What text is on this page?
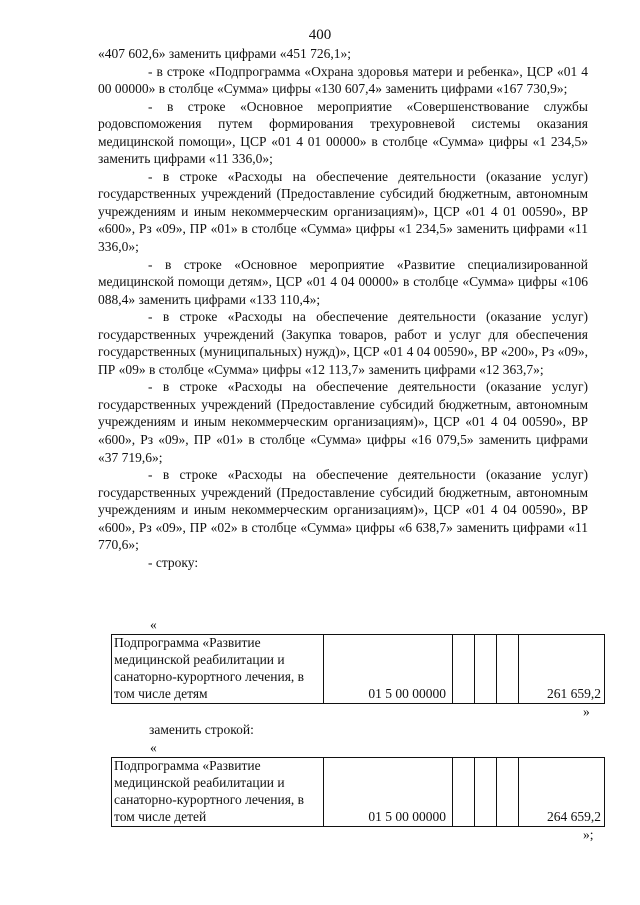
400

«407 602,6» заменить цифрами «451 726,1»;

- в строке «Подпрограмма «Охрана здоровья матери и ребенка», ЦСР «01 4 00 00000» в столбце «Сумма» цифры «130 607,4» заменить цифрами «167 730,9»;

- в строке «Основное мероприятие «Совершенствование службы родовспоможения путем формирования трехуровневой системы оказания медицинской помощи», ЦСР «01 4 01 00000» в столбце «Сумма» цифры «1 234,5» заменить цифрами «11 336,0»;

- в строке «Расходы на обеспечение деятельности (оказание услуг) государственных учреждений (Предоставление субсидий бюджетным, автономным учреждениям и иным некоммерческим организациям)», ЦСР «01 4 01 00590», ВР «600», Рз «09», ПР «01» в столбце «Сумма» цифры «1 234,5» заменить цифрами «11 336,0»;

- в строке «Основное мероприятие «Развитие специализированной медицинской помощи детям», ЦСР «01 4 04 00000» в столбце «Сумма» цифры «106 088,4» заменить цифрами «133 110,4»;

- в строке «Расходы на обеспечение деятельности (оказание услуг) государственных учреждений (Закупка товаров, работ и услуг для обеспечения государственных (муниципальных) нужд)», ЦСР «01 4 04 00590», ВР «200», Рз «09», ПР «09» в столбце «Сумма» цифры «12 113,7» заменить цифрами «12 363,7»;

- в строке «Расходы на обеспечение деятельности (оказание услуг) государственных учреждений (Предоставление субсидий бюджетным, автономным учреждениям и иным некоммерческим организациям)», ЦСР «01 4 04 00590», ВР «600», Рз «09», ПР «01» в столбце «Сумма» цифры «16 079,5» заменить цифрами «37 719,6»;

- в строке «Расходы на обеспечение деятельности (оказание услуг) государственных учреждений (Предоставление субсидий бюджетным, автономным учреждениям и иным некоммерческим организациям)», ЦСР «01 4 04 00590», ВР «600», Рз «09», ПР «02» в столбце «Сумма» цифры «6 638,7» заменить цифрами «11 770,6»;

- строку:

«
Подпрограмма «Развитие медицинской реабилитации и санаторно-курортного лечения, в том числе детям	01 5 00 00000				261 659,2
»
заменить строкой:
«
Подпрограмма «Развитие медицинской реабилитации и санаторно-курортного лечения, в том числе детей	01 5 00 00000				264 659,2
»;
